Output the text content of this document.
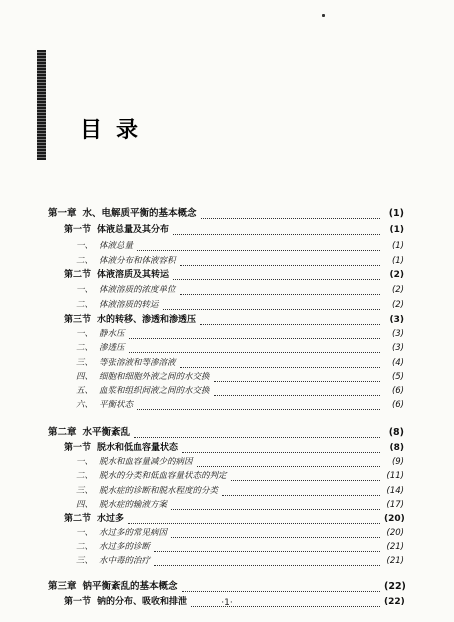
目录
第一章 水、电解质平衡的基本概念	(1)
第一节 体液总量及其分布	(1)
一、 体液总量	(1)
二、 体液分布和体液容积	(1)
第二节 体液溶质及其转运	(2)
一、 体液溶质的浓度单位	(2)
二、 体液溶质的转运	(2)
第三节 水的转移、渗透和渗透压	(3)
一、 静水压	(3)
二、 渗透压	(3)
三、 等张溶液和等渗溶液	(4)
四、 细胞和细胞外液之间的水交换	(5)
五、 血浆和组织间液之间的水交换	(6)
六、 平衡状态	(6)
第二章 水平衡紊乱	(8)
第一节 脱水和低血容量状态	(8)
一、 脱水和血容量减少的病因	(9)
二、 脱水的分类和低血容量状态的判定	(11)
三、 脱水症的诊断和脱水程度的分类	(14)
四、 脱水症的输液方案	(17)
第二节 水过多	(20)
一、 水过多的常见病因	(20)
二、 水过多的诊断	(21)
三、 水中毒的治疗	(21)
第三章 钠平衡紊乱的基本概念	(22)
第一节 钠的分布、吸收和排泄	(22)
·1·
